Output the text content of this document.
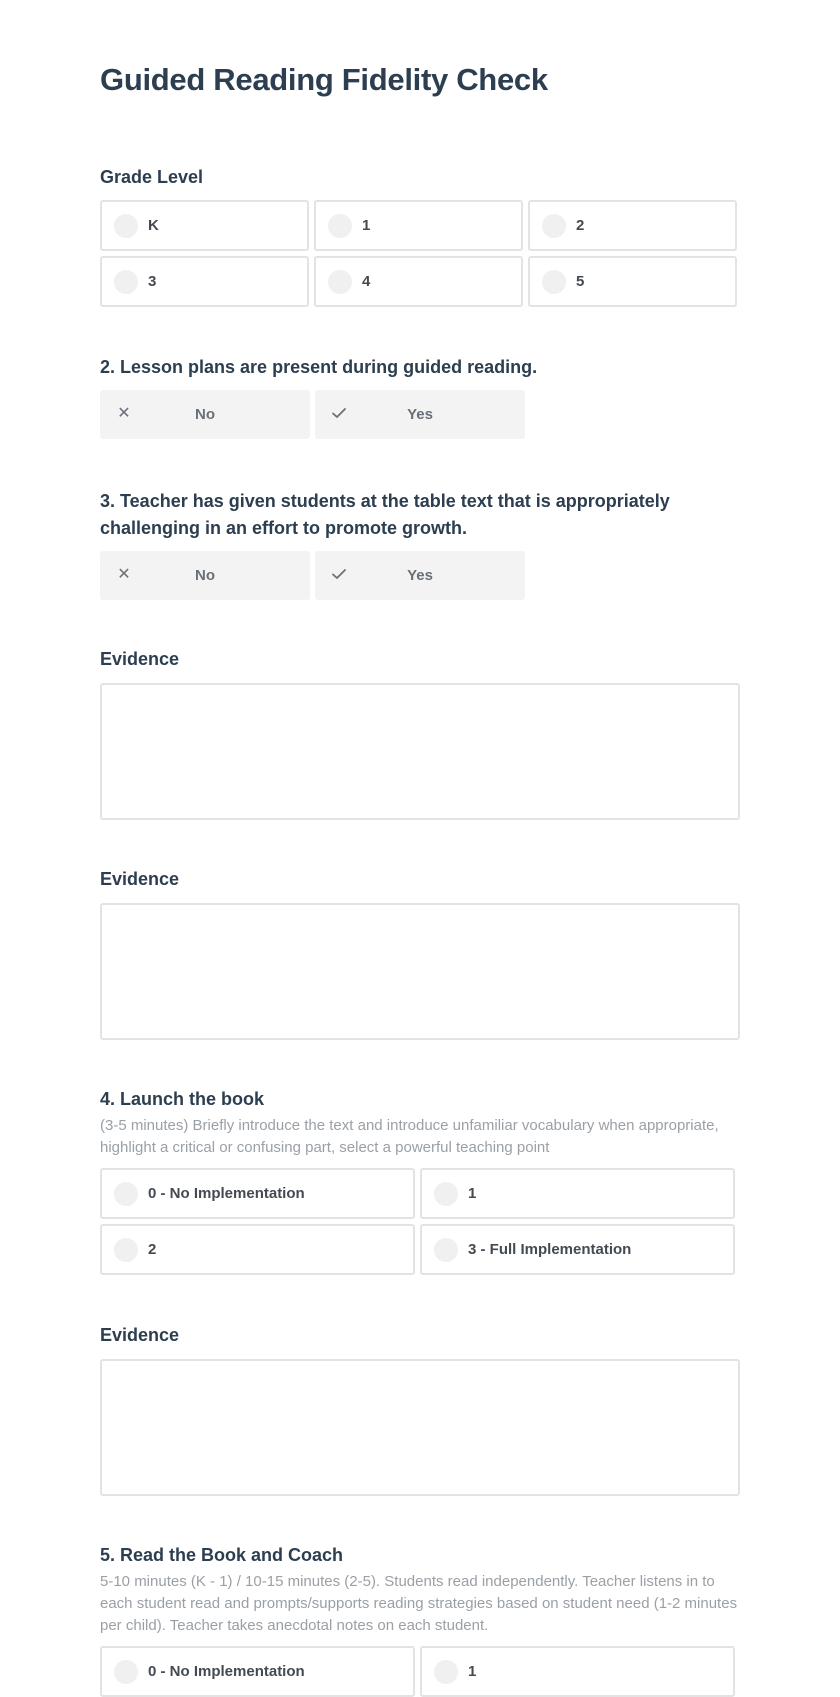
Guided Reading Fidelity Check

Grade Level

K	1	2
3	4	5

2. Lesson plans are present during guided reading.

✕	No	Yes

3. Teacher has given students at the table text that is appropriately challenging in an effort to promote growth.

✕	No	Yes

Evidence

Evidence

4. Launch the book

(3-5 minutes) Briefly introduce the text and introduce unfamiliar vocabulary when appropriate, highlight a critical or confusing part, select a powerful teaching point

0 - No Implementation	1
2	3 - Full Implementation

Evidence

5. Read the Book and Coach

5-10 minutes (K - 1) / 10-15 minutes (2-5). Students read independently. Teacher listens in to each student read and prompts/supports reading strategies based on student need (1-2 minutes per child). Teacher takes anecdotal notes on each student.

0 - No Implementation	1
